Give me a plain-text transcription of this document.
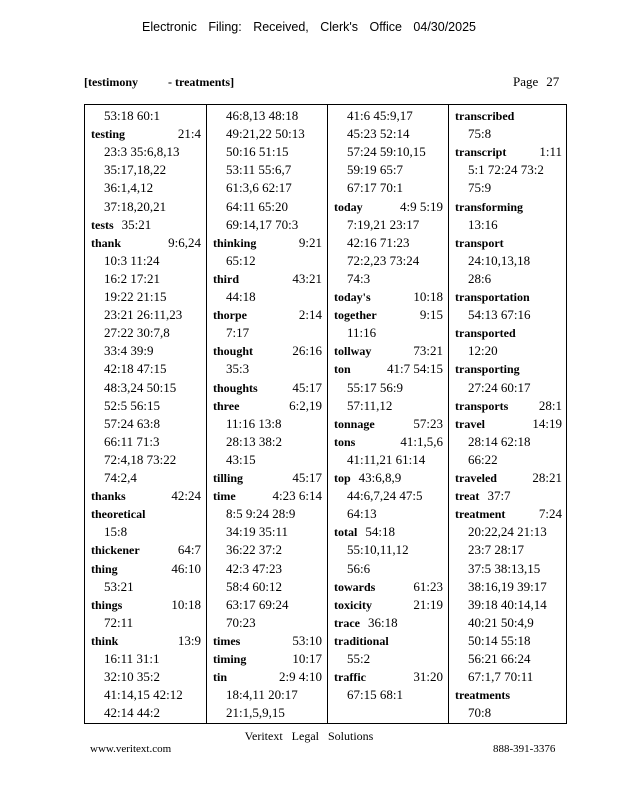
Electronic Filing: Received, Clerk's Office 04/30/2025
[testimony	- treatments]	Page 27
53:18 60:1
testing	21:4
23:3 35:6,8,13
35:17,18,22
36:1,4,12
37:18,20,21
tests 35:21
thank	9:6,24
10:3 11:24
16:2 17:21
19:22 21:15
23:21 26:11,23
27:22 30:7,8
33:4 39:9
42:18 47:15
48:3,24 50:15
52:5 56:15
57:24 63:8
66:11 71:3
72:4,18 73:22
74:2,4
thanks	42:24
theoretical
15:8
thickener	64:7
thing	46:10
53:21
things	10:18
72:11
think	13:9
16:11 31:1
32:10 35:2
41:14,15 42:12
42:14 44:2
46:8,13 48:18
49:21,22 50:13
50:16 51:15
53:11 55:6,7
61:3,6 62:17
64:11 65:20
69:14,17 70:3
thinking	9:21
65:12
third	43:21
44:18
thorpe	2:14
7:17
thought	26:16
35:3
thoughts	45:17
three	6:2,19
11:16 13:8
28:13 38:2
43:15
tilling	45:17
time	4:23 6:14
8:5 9:24 28:9
34:19 35:11
36:22 37:2
42:3 47:23
58:4 60:12
63:17 69:24
70:23
times	53:10
timing	10:17
tin	2:9 4:10
18:4,11 20:17
21:1,5,9,15
41:6 45:9,17
45:23 52:14
57:24 59:10,15
59:19 65:7
67:17 70:1
today	4:9 5:19
7:19,21 23:17
42:16 71:23
72:2,23 73:24
74:3
today's	10:18
together	9:15
11:16
tollway	73:21
ton	41:7 54:15
55:17 56:9
57:11,12
tonnage	57:23
tons	41:1,5,6
41:11,21 61:14
top 43:6,8,9
44:6,7,24 47:5
64:13
total 54:18
55:10,11,12
56:6
towards	61:23
toxicity	21:19
trace 36:18
traditional
55:2
traffic	31:20
67:15 68:1
transcribed
75:8
transcript	1:11
5:1 72:24 73:2
75:9
transforming
13:16
transport
24:10,13,18
28:6
transportation
54:13 67:16
transported
12:20
transporting
27:24 60:17
transports 28:1
travel	14:19
28:14 62:18
66:22
traveled	28:21
treat 37:7
treatment	7:24
20:22,24 21:13
23:7 28:17
37:5 38:13,15
38:16,19 39:17
39:18 40:14,14
40:21 50:4,9
50:14 55:18
56:21 66:24
67:1,7 70:11
treatments
70:8
Veritext Legal Solutions
www.veritext.com	888-391-3376
